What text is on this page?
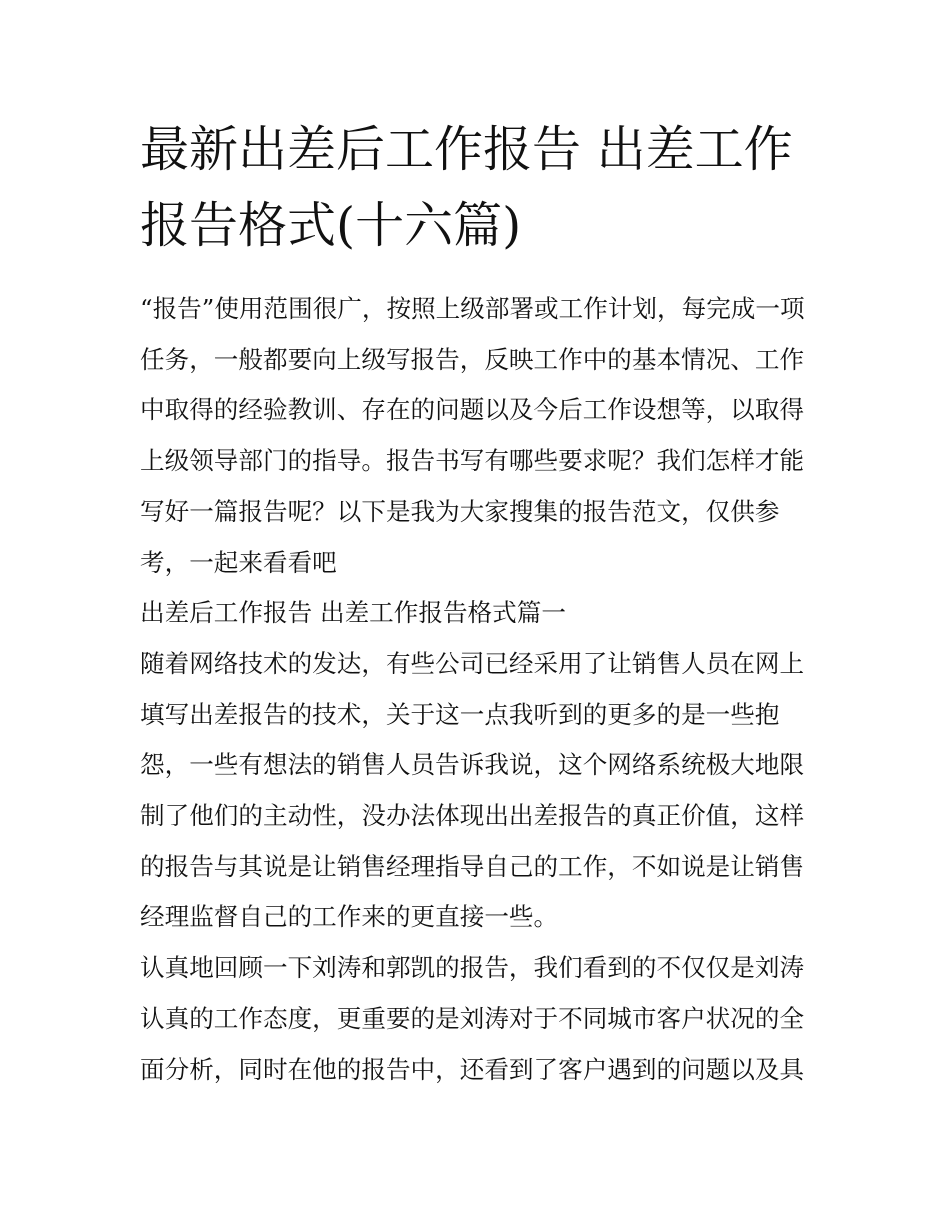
最新出差后工作报告 出差工作
报告格式(十六篇)
“报告”使用范围很广，按照上级部署或工作计划，每完成一项
任务，一般都要向上级写报告，反映工作中的基本情况、工作
中取得的经验教训、存在的问题以及今后工作设想等，以取得
上级领导部门的指导。报告书写有哪些要求呢？我们怎样才能
写好一篇报告呢？以下是我为大家搜集的报告范文，仅供参
考，一起来看看吧
出差后工作报告 出差工作报告格式篇一
随着网络技术的发达，有些公司已经采用了让销售人员在网上
填写出差报告的技术，关于这一点我听到的更多的是一些抱
怨，一些有想法的销售人员告诉我说，这个网络系统极大地限
制了他们的主动性，没办法体现出出差报告的真正价值，这样
的报告与其说是让销售经理指导自己的工作，不如说是让销售
经理监督自己的工作来的更直接一些。
认真地回顾一下刘涛和郭凯的报告，我们看到的不仅仅是刘涛
认真的工作态度，更重要的是刘涛对于不同城市客户状况的全
面分析，同时在他的报告中，还看到了客户遇到的问题以及具
